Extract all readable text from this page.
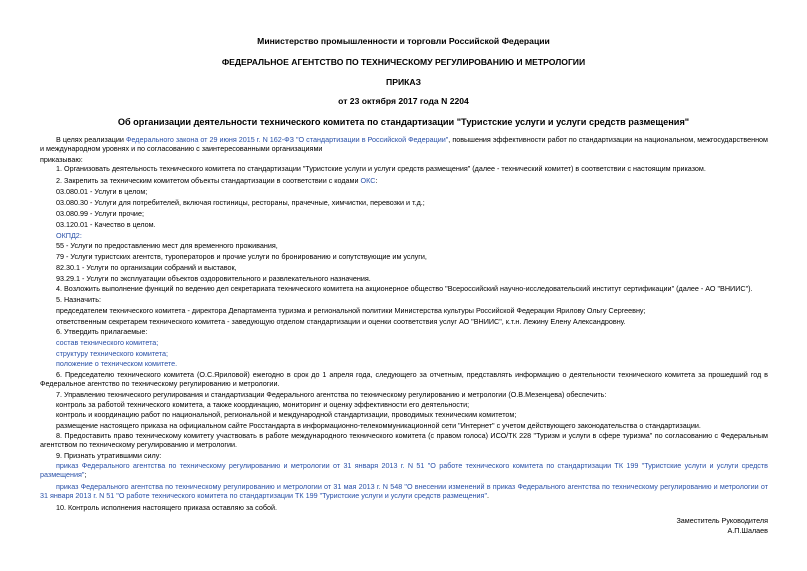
Министерство промышленности и торговли Российской Федерации
ФЕДЕРАЛЬНОЕ АГЕНТСТВО ПО ТЕХНИЧЕСКОМУ РЕГУЛИРОВАНИЮ И МЕТРОЛОГИИ
ПРИКАЗ
от 23 октября 2017 года N 2204
Об организации деятельности технического комитета по стандартизации "Туристские услуги и услуги средств размещения"
В целях реализации Федерального закона от 29 июня 2015 г. N 162-ФЗ "О стандартизации в Российской Федерации", повышения эффективности работ по стандартизации на национальном, межгосударственном и международном уровнях и по согласованию с заинтересованными организациями
приказываю:
1. Организовать деятельность технического комитета по стандартизации "Туристские услуги и услуги средств размещения" (далее - технический комитет) в соответствии с настоящим приказом.
2. Закрепить за техническим комитетом объекты стандартизации в соответствии с кодами ОКС:
03.080.01 - Услуги в целом;
03.080.30 - Услуги для потребителей, включая гостиницы, рестораны, прачечные, химчистки, перевозки и т.д.;
03.080.99 - Услуги прочие;
03.120.01 - Качество в целом.
ОКПД2:
55 - Услуги по предоставлению мест для временного проживания,
79 - Услуги туристских агентств, туроператоров и прочие услуги по бронированию и сопутствующие им услуги,
82.30.1 - Услуги по организации собраний и выставок,
93.29.1 - Услуги по эксплуатации объектов оздоровительного и развлекательного назначения.
4. Возложить выполнение функций по ведению дел секретариата технического комитета на акционерное общество "Всероссийский научно-исследовательский институт сертификации" (далее - АО "ВНИИС").
5. Назначить:
председателем технического комитета - директора Департамента туризма и региональной политики Министерства культуры Российской Федерации Ярилову Ольгу Сергеевну;
ответственным секретарем технического комитета - заведующую отделом стандартизации и оценки соответствия услуг АО "ВНИИС", к.т.н. Лежину Елену Александровну.
6. Утвердить прилагаемые:
состав технического комитета;
структуру технического комитета;
положение о техническом комитете.
6. Председателю технического комитета (О.С.Яриловой) ежегодно в срок до 1 апреля года, следующего за отчетным, представлять информацию о деятельности технического комитета за прошедший год в Федеральное агентство по техническому регулированию и метрологии.
7. Управлению технического регулирования и стандартизации Федерального агентства по техническому регулированию и метрологии (О.В.Мезенцева) обеспечить:
контроль за работой технического комитета, а также координацию, мониторинг и оценку эффективности его деятельности;
контроль и координацию работ по национальной, региональной и международной стандартизации, проводимых техническим комитетом;
размещение настоящего приказа на официальном сайте Росстандарта в информационно-телекоммуникационной сети "Интернет" с учетом действующего законодательства о стандартизации.
8. Предоставить право техническому комитету участвовать в работе международного технического комитета (с правом голоса) ИСО/ТК 228 "Туризм и услуги в сфере туризма" по согласованию с Федеральным агентством по техническому регулированию и метрологии.
9. Признать утратившими силу:
приказ Федерального агентства по техническому регулированию и метрологии от 31 января 2013 г. N 51 "О работе технического комитета по стандартизации ТК 199 "Туристские услуги и услуги средств размещения";
приказ Федерального агентства по техническому регулированию и метрологии от 31 мая 2013 г. N 548 "О внесении изменений в приказ Федерального агентства по техническому регулированию и метрологии от 31 января 2013 г. N 51 "О работе технического комитета по стандартизации ТК 199 "Туристские услуги и услуги средств размещения".
10. Контроль исполнения настоящего приказа оставляю за собой.
Заместитель Руководителя
А.П.Шалаев
